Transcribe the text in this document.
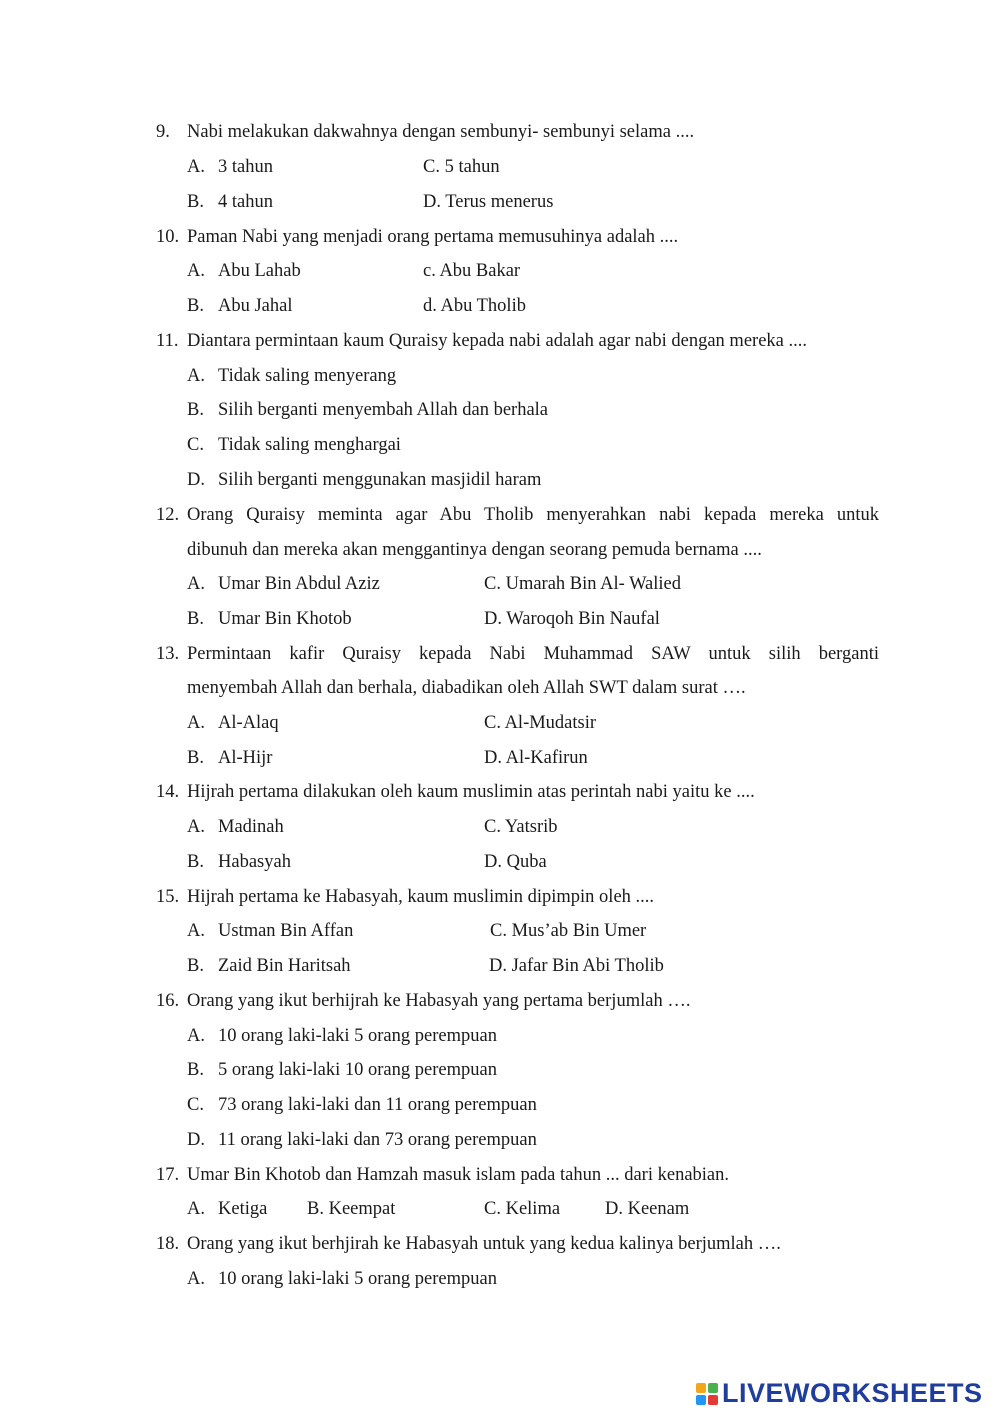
9. Nabi melakukan dakwahnya dengan sembunyi- sembunyi selama ....
A. 3 tahun	C. 5 tahun
B. 4 tahun	D. Terus menerus
10. Paman Nabi yang menjadi orang pertama memusuhinya adalah ....
A. Abu Lahab	c. Abu Bakar
B. Abu Jahal	d. Abu Tholib
11. Diantara permintaan kaum Quraisy kepada nabi adalah agar nabi dengan mereka ....
A. Tidak saling menyerang
B. Silih berganti menyembah Allah dan berhala
C. Tidak saling menghargai
D. Silih berganti menggunakan masjidil haram
12. Orang Quraisy meminta agar Abu Tholib menyerahkan nabi kepada mereka untuk
dibunuh dan mereka akan menggantinya dengan seorang pemuda bernama ....
A. Umar Bin Abdul Aziz	C. Umarah Bin Al- Walied
B. Umar Bin Khotob	D. Waroqoh Bin Naufal
13. Permintaan kafir Quraisy kepada Nabi Muhammad SAW untuk silih berganti
menyembah Allah dan berhala, diabadikan oleh Allah SWT dalam surat ….
A. Al-Alaq	C. Al-Mudatsir
B. Al-Hijr	D. Al-Kafirun
14. Hijrah pertama dilakukan oleh kaum muslimin atas perintah nabi yaitu ke ....
A. Madinah	C. Yatsrib
B. Habasyah	D. Quba
15. Hijrah pertama ke Habasyah, kaum muslimin dipimpin oleh ....
A. Ustman Bin Affan	C. Mus’ab Bin Umer
B. Zaid Bin Haritsah	D. Jafar Bin Abi Tholib
16. Orang yang ikut berhijrah ke Habasyah yang pertama berjumlah ….
A. 10 orang laki-laki 5 orang perempuan
B. 5 orang laki-laki 10 orang perempuan
C. 73 orang laki-laki dan 11 orang perempuan
D. 11 orang laki-laki dan 73 orang perempuan
17. Umar Bin Khotob dan Hamzah masuk islam pada tahun ... dari kenabian.
A. Ketiga B. Keempat	C. Kelima D. Keenam
18. Orang yang ikut berhjirah ke Habasyah untuk yang kedua kalinya berjumlah ….
A. 10 orang laki-laki 5 orang perempuan
LIVEWORKSHEETS
